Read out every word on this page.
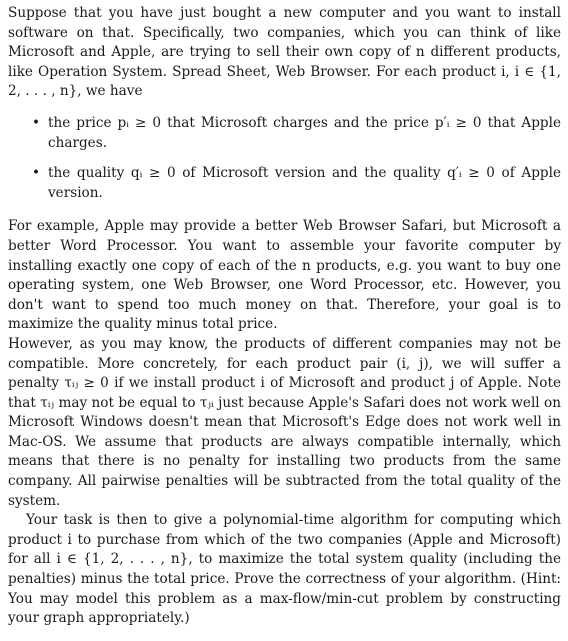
Suppose that you have just bought a new computer and you want to install software on that. Specifically, two companies, which you can think of like Microsoft and Apple, are trying to sell their own copy of n different products, like Operation System. Spread Sheet, Web Browser. For each product i, i ∈ {1, 2, . . . , n}, we have

• the price pᵢ ≥ 0 that Microsoft charges and the price p′ᵢ ≥ 0 that Apple charges.
• the quality qᵢ ≥ 0 of Microsoft version and the quality q′ᵢ ≥ 0 of Apple version.

For example, Apple may provide a better Web Browser Safari, but Microsoft a better Word Processor. You want to assemble your favorite computer by installing exactly one copy of each of the n products, e.g. you want to buy one operating system, one Web Browser, one Word Processor, etc. However, you don't want to spend too much money on that. Therefore, your goal is to maximize the quality minus total price.

However, as you may know, the products of different companies may not be compatible. More concretely, for each product pair (i, j), we will suffer a penalty τᵢⱼ ≥ 0 if we install product i of Microsoft and product j of Apple. Note that τᵢⱼ may not be equal to τⱼᵢ just because Apple's Safari does not work well on Microsoft Windows doesn't mean that Microsoft's Edge does not work well in Mac-OS. We assume that products are always compatible internally, which means that there is no penalty for installing two products from the same company. All pairwise penalties will be subtracted from the total quality of the system.

Your task is then to give a polynomial-time algorithm for computing which product i to purchase from which of the two companies (Apple and Microsoft) for all i ∈ {1, 2, . . . , n}, to maximize the total system quality (including the penalties) minus the total price. Prove the correctness of your algorithm. (Hint: You may model this problem as a max-flow/min-cut problem by constructing your graph appropriately.)
